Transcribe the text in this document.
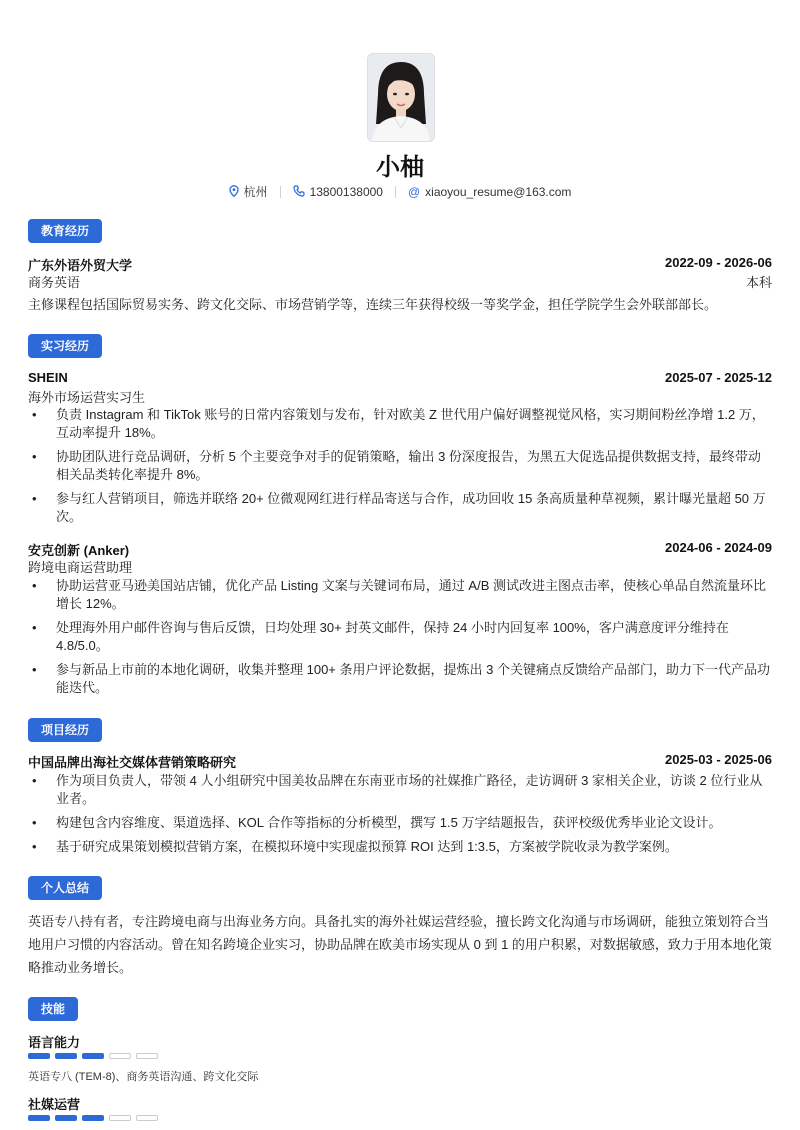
小柚
杭州	13800138000 @ xiaoyou_resume@163.com
教育经历
广东外语外贸大学	2022-09 - 2026-06
商务英语	本科
主修课程包括国际贸易实务、跨文化交际、市场营销学等，连续三年获得校级一等奖学金，担任学院学生会外联部部长。
实习经历
SHEIN	2025-07 - 2025-12
海外市场运营实习生
• 负责 Instagram 和 TikTok 账号的日常内容策划与发布，针对欧美 Z 世代用户偏好调整视觉风格，实习期间粉丝净增 1.2 万，互动率提升 18%。
• 协助团队进行竞品调研，分析 5 个主要竞争对手的促销策略，输出 3 份深度报告，为黑五大促选品提供数据支持，最终带动相关品类转化率提升 8%。
• 参与红人营销项目，筛选并联络 20+ 位微观网红进行样品寄送与合作，成功回收 15 条高质量种草视频，累计曝光量超 50 万次。
安克创新 (Anker)	2024-06 - 2024-09
跨境电商运营助理
• 协助运营亚马逊美国站店铺，优化产品 Listing 文案与关键词布局，通过 A/B 测试改进主图点击率，使核心单品自然流量环比增长 12%。
• 处理海外用户邮件咨询与售后反馈，日均处理 30+ 封英文邮件，保持 24 小时内回复率 100%，客户满意度评分维持在 4.8/5.0。
• 参与新品上市前的本地化调研，收集并整理 100+ 条用户评论数据，提炼出 3 个关键痛点反馈给产品部门，助力下一代产品功能迭代。
项目经历
中国品牌出海社交媒体营销策略研究	2025-03 - 2025-06
• 作为项目负责人，带领 4 人小组研究中国美妆品牌在东南亚市场的社媒推广路径，走访调研 3 家相关企业，访谈 2 位行业从业者。
• 构建包含内容维度、渠道选择、KOL 合作等指标的分析模型，撰写 1.5 万字结题报告，获评校级优秀毕业论文设计。
• 基于研究成果策划模拟营销方案，在模拟环境中实现虚拟预算 ROI 达到 1:3.5，方案被学院收录为教学案例。
个人总结
英语专八持有者，专注跨境电商与出海业务方向。具备扎实的海外社媒运营经验，擅长跨文化沟通与市场调研，能独立策划符合当地用户习惯的内容活动。曾在知名跨境企业实习，协助品牌在欧美市场实现从 0 到 1 的用户积累，对数据敏感，致力于用本地化策略推动业务增长。
技能
语言能力
英语专八 (TEM-8)、商务英语沟通、跨文化交际
社媒运营
